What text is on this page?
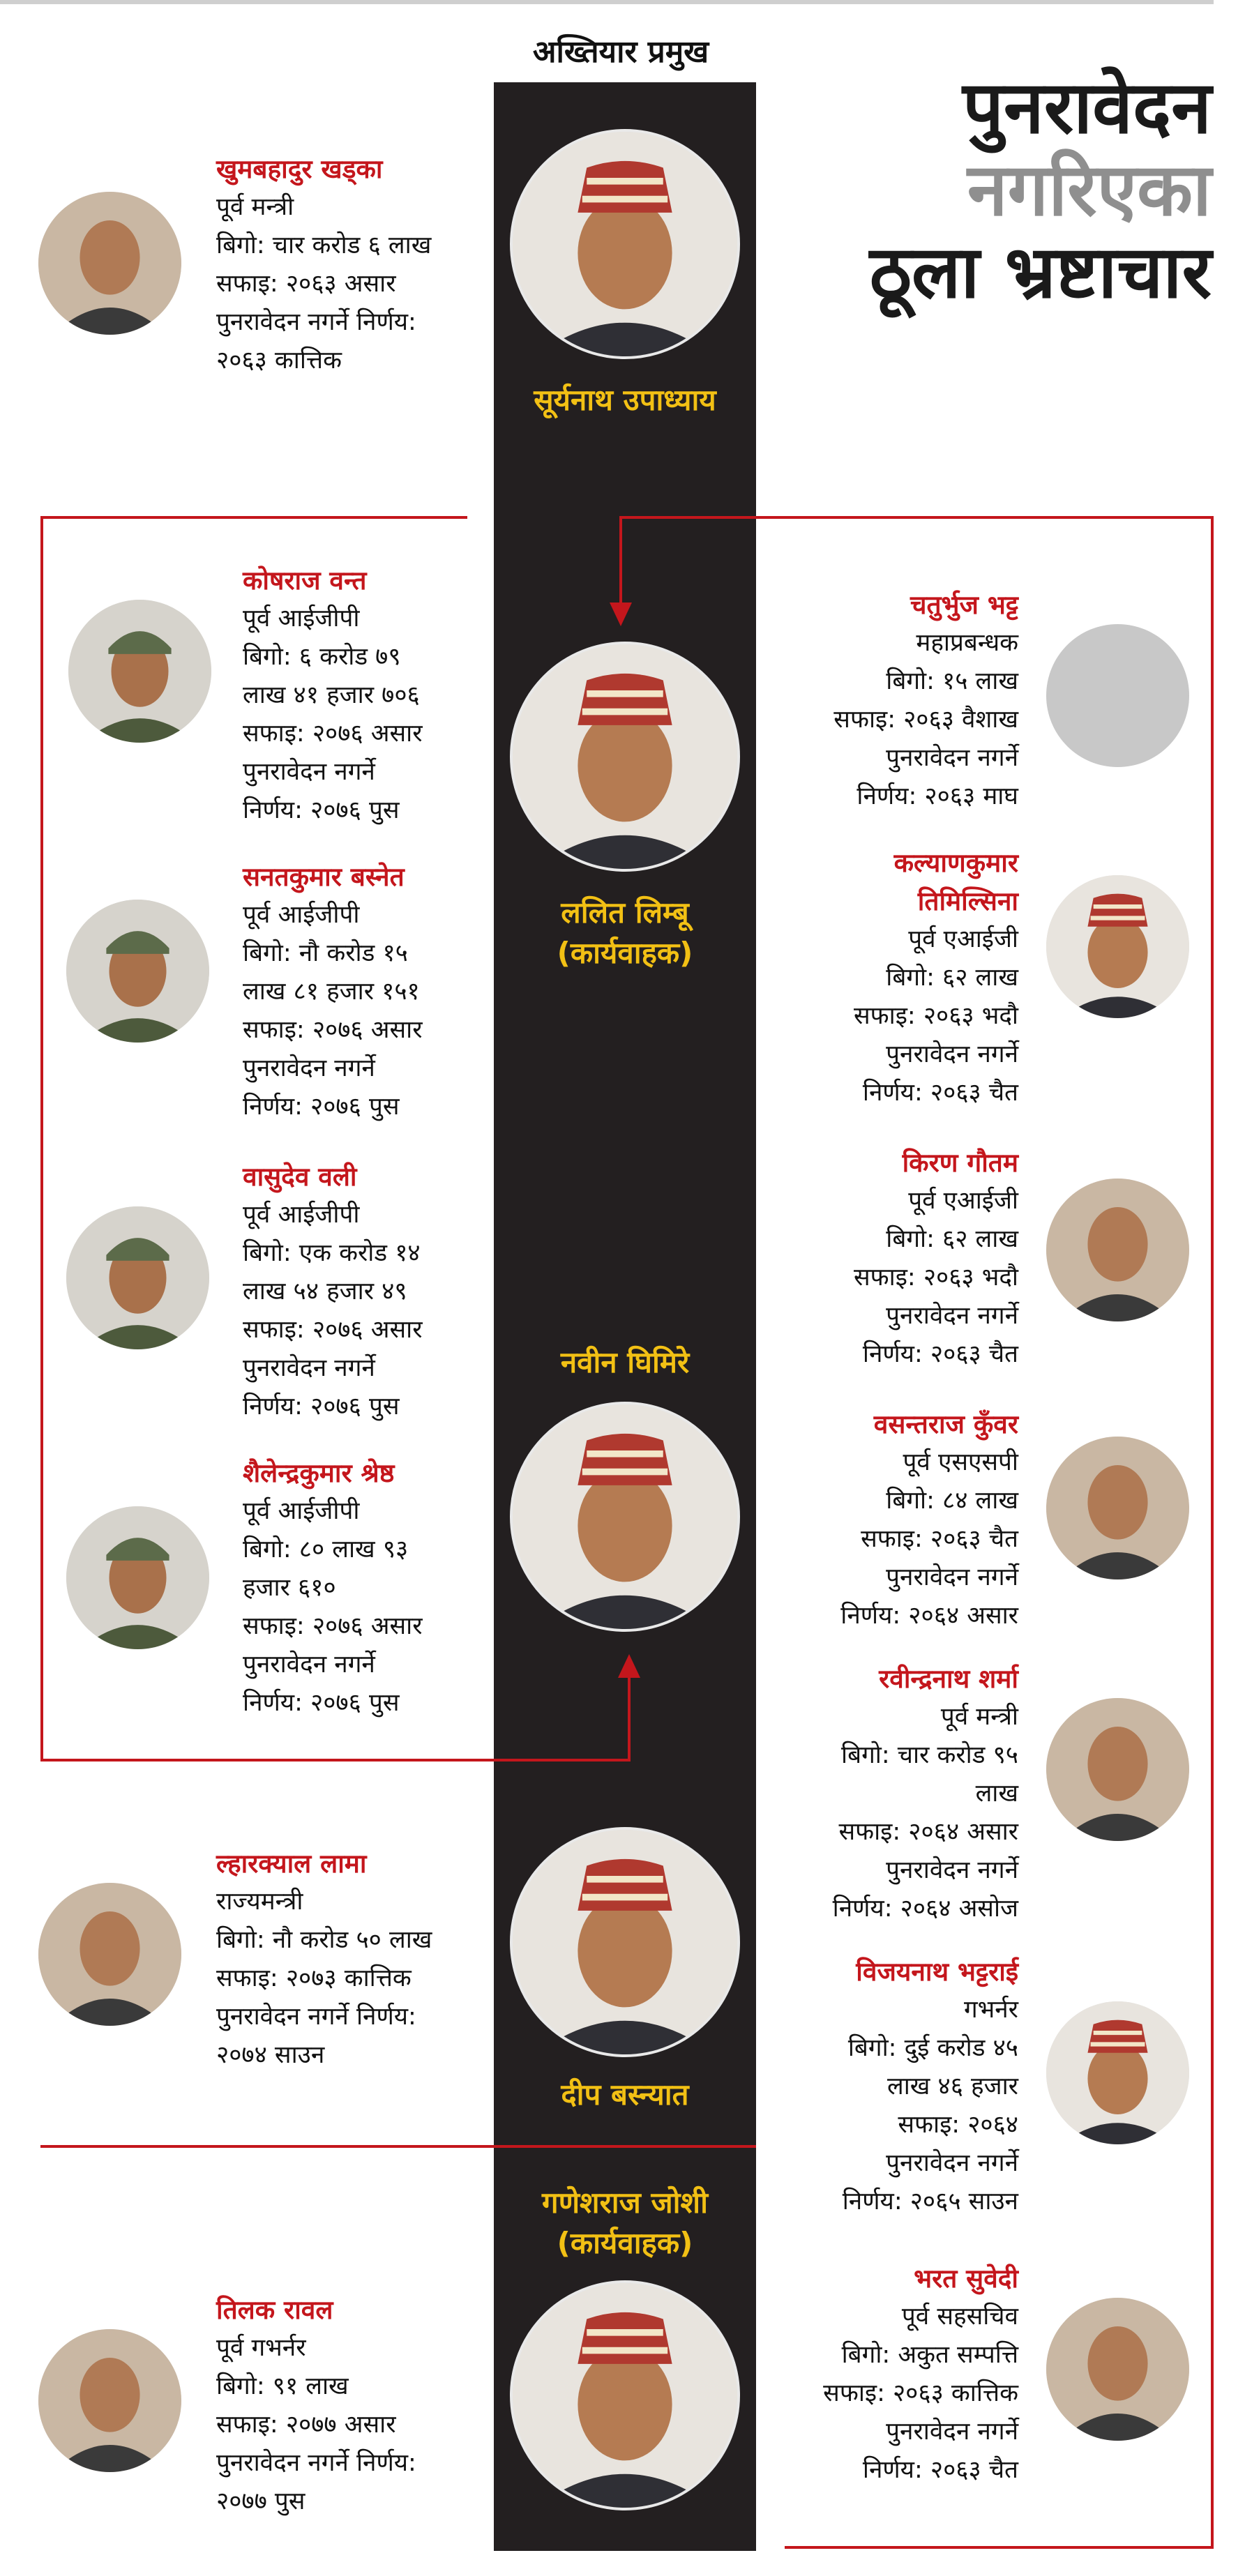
अख्तियार प्रमुख
पुनरावेदन
नगरिएका
ठूला भ्रष्टाचार
सूर्यनाथ उपाध्याय
ललित लिम्बू
(कार्यवाहक)
नवीन घिमिरे
दीप बस्न्यात
गणेशराज जोशी
(कार्यवाहक)
खुमबहादुर खड्का
पूर्व मन्त्री
बिगो: चार करोड ६ लाख
सफाइ: २०६३ असार
पुनरावेदन नगर्ने निर्णय:
२०६३ कात्तिक
कोषराज वन्त
पूर्व आईजीपी
बिगो: ६ करोड ७९
लाख ४१ हजार ७०६
सफाइ: २०७६ असार
पुनरावेदन नगर्ने
निर्णय: २०७६ पुस
सनतकुमार बस्नेत
पूर्व आईजीपी
बिगो: नौ करोड १५
लाख ८१ हजार १५१
सफाइ: २०७६ असार
पुनरावेदन नगर्ने
निर्णय: २०७६ पुस
वासुदेव वली
पूर्व आईजीपी
बिगो: एक करोड १४
लाख ५४ हजार ४९
सफाइ: २०७६ असार
पुनरावेदन नगर्ने
निर्णय: २०७६ पुस
शैलेन्द्रकुमार श्रेष्ठ
पूर्व आईजीपी
बिगो: ८० लाख ९३
हजार ६१०
सफाइ: २०७६ असार
पुनरावेदन नगर्ने
निर्णय: २०७६ पुस
ल्हारक्याल लामा
राज्यमन्त्री
बिगो: नौ करोड ५० लाख
सफाइ: २०७३ कात्तिक
पुनरावेदन नगर्ने निर्णय:
२०७४ साउन
तिलक रावल
पूर्व गभर्नर
बिगो: ९१ लाख
सफाइ: २०७७ असार
पुनरावेदन नगर्ने निर्णय:
२०७७ पुस
चतुर्भुज भट्ट
महाप्रबन्धक
बिगो: १५ लाख
सफाइ: २०६३ वैशाख
पुनरावेदन नगर्ने
निर्णय: २०६३ माघ
कल्याणकुमार
तिमिल्सिना
पूर्व एआईजी
बिगो: ६२ लाख
सफाइ: २०६३ भदौ
पुनरावेदन नगर्ने
निर्णय: २०६३ चैत
किरण गौतम
पूर्व एआईजी
बिगो: ६२ लाख
सफाइ: २०६३ भदौ
पुनरावेदन नगर्ने
निर्णय: २०६३ चैत
वसन्तराज कुँवर
पूर्व एसएसपी
बिगो: ८४ लाख
सफाइ: २०६३ चैत
पुनरावेदन नगर्ने
निर्णय: २०६४ असार
रवीन्द्रनाथ शर्मा
पूर्व मन्त्री
बिगो: चार करोड ९५
लाख
सफाइ: २०६४ असार
पुनरावेदन नगर्ने
निर्णय: २०६४ असोज
विजयनाथ भट्टराई
गभर्नर
बिगो: दुई करोड ४५
लाख ४६ हजार
सफाइ: २०६४
पुनरावेदन नगर्ने
निर्णय: २०६५ साउन
भरत सुवेदी
पूर्व सहसचिव
बिगो: अकुत सम्पत्ति
सफाइ: २०६३ कात्तिक
पुनरावेदन नगर्ने
निर्णय: २०६३ चैत
